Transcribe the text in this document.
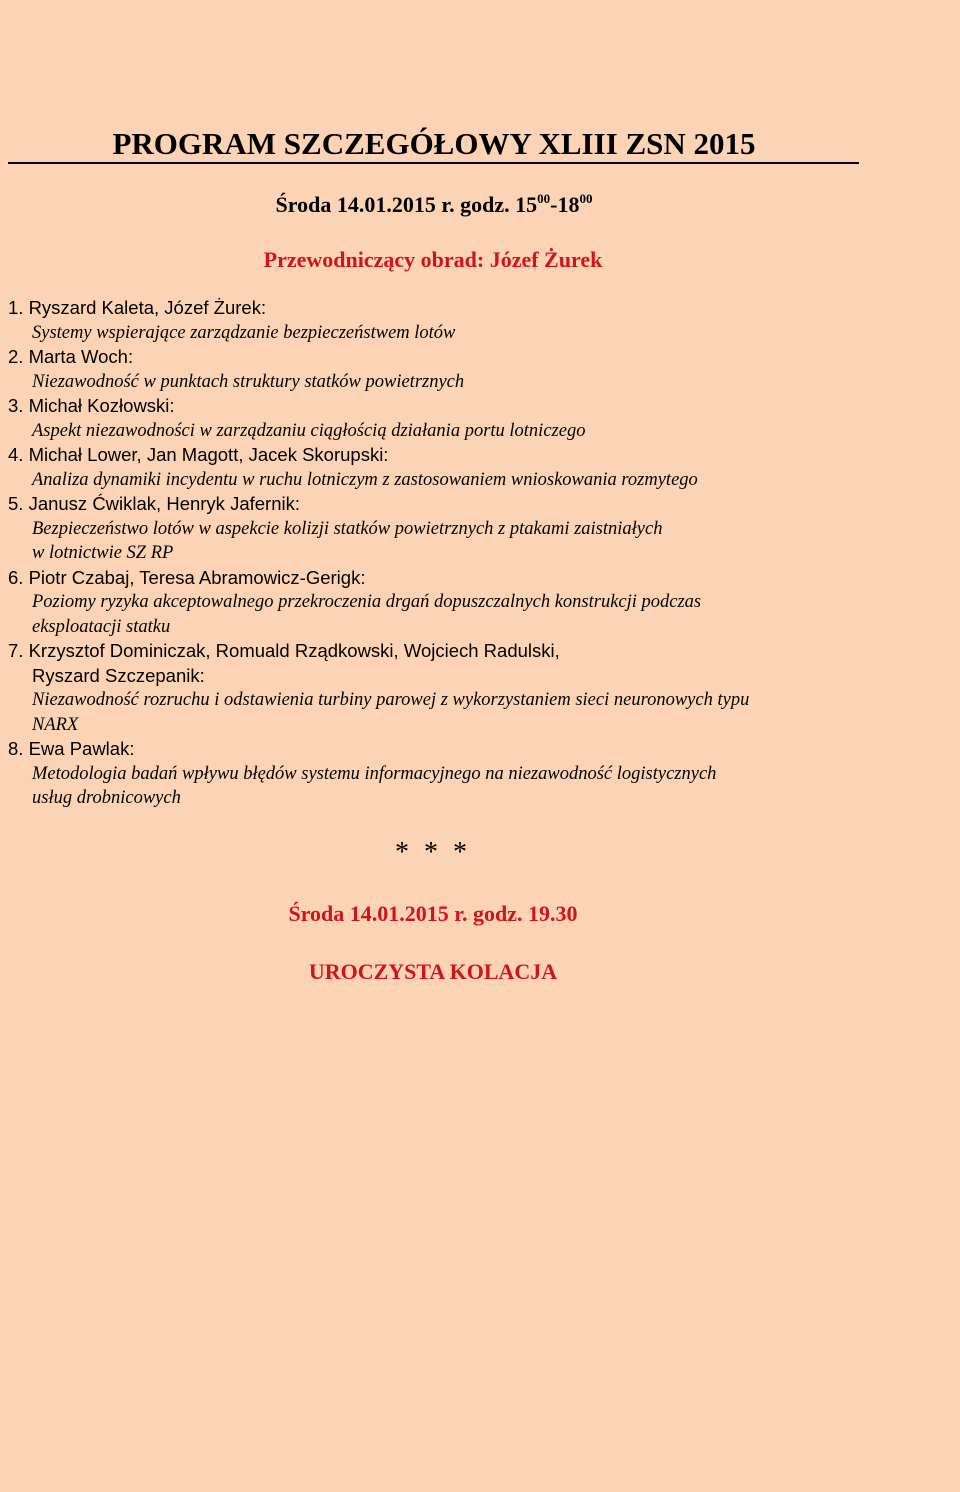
PROGRAM SZCZEGÓŁOWY XLIII ZSN 2015
Środa 14.01.2015 r. godz. $15^{00}-18^{00}$
Przewodniczący obrad: Józef Żurek
1. Ryszard Kaleta, Józef Żurek:
Systemy wspierające zarządzanie bezpieczeństwem lotów
2. Marta Woch:
Niezawodność w punktach struktury statków powietrznych
3. Michał Kozłowski:
Aspekt niezawodności w zarządzaniu ciągłością działania portu lotniczego
4. Michał Lower, Jan Magott, Jacek Skorupski:
Analiza dynamiki incydentu w ruchu lotniczym z zastosowaniem wnioskowania rozmytego
5. Janusz Ćwiklak, Henryk Jafernik:
Bezpieczeństwo lotów w aspekcie kolizji statków powietrznych z ptakami zaistniałych
w lotnictwie SZ RP
6. Piotr Czabaj, Teresa Abramowicz-Gerigk:
Poziomy ryzyka akceptowalnego przekroczenia drgań dopuszczalnych konstrukcji podczas
eksploatacji statku
7. Krzysztof Dominiczak, Romuald Rządkowski, Wojciech Radulski,
Ryszard Szczepanik:
Niezawodność rozruchu i odstawienia turbiny parowej z wykorzystaniem sieci neuronowych typu
NARX
8. Ewa Pawlak:
Metodologia badań wpływu błędów systemu informacyjnego na niezawodność logistycznych
usług drobnicowych
* * *
Środa 14.01.2015 r. godz. 19.30
UROCZYSTA KOLACJA
